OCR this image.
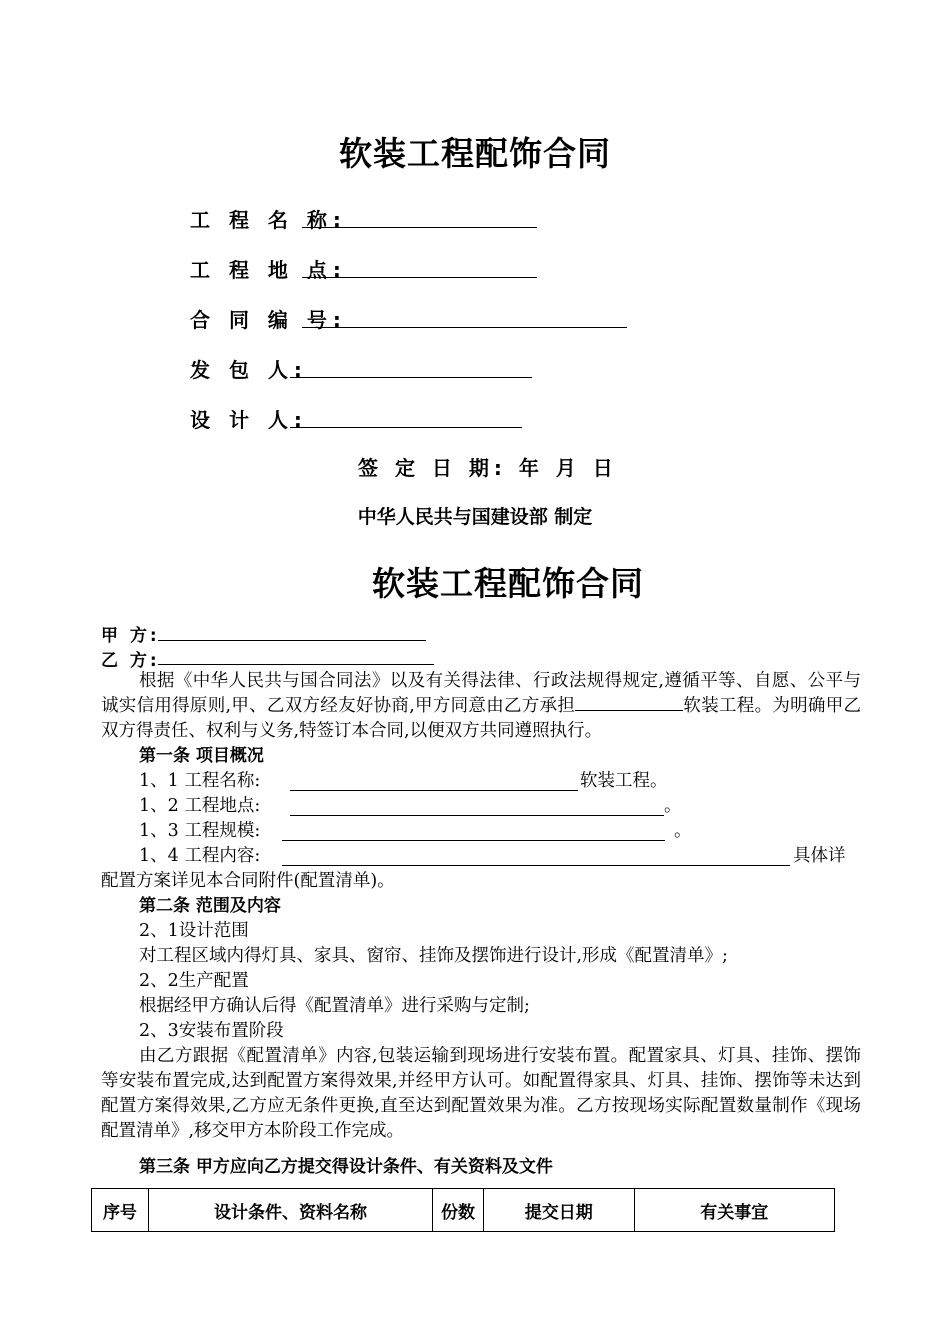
软装工程配饰合同
工 程 名 称:
工 程 地 点:
合 同 编 号:
发 包 人:
设 计 人:
签 定 日 期: 年 月 日
中华人民共与国建设部 制定
软装工程配饰合同
甲 方:
乙 方:
根据《中华人民共与国合同法》以及有关得法律、行政法规得规定,遵循平等、自愿、公平与诚实信用得原则,甲、乙双方经友好协商,甲方同意由乙方承担	软装工程。为明确甲乙双方得责任、权利与义务,特签订本合同,以便双方共同遵照执行。
第一条 项目概况
1、1 工程名称:	软装工程。
1、2 工程地点:	。
1、3 工程规模:	。
1、4 工程内容:	具体详
配置方案详见本合同附件(配置清单)。
第二条 范围及内容
2、1设计范围
对工程区域内得灯具、家具、窗帘、挂饰及摆饰进行设计,形成《配置清单》;
2、2生产配置
根据经甲方确认后得《配置清单》进行采购与定制;
2、3安装布置阶段
由乙方跟据《配置清单》内容,包装运输到现场进行安装布置。配置家具、灯具、挂饰、摆饰等安装布置完成,达到配置方案得效果,并经甲方认可。如配置得家具、灯具、挂饰、摆饰等未达到配置方案得效果,乙方应无条件更换,直至达到配置效果为准。乙方按现场实际配置数量制作《现场配置清单》,移交甲方本阶段工作完成。
第三条 甲方应向乙方提交得设计条件、有关资料及文件
序号	设计条件、资料名称	份数	提交日期	有关事宜
